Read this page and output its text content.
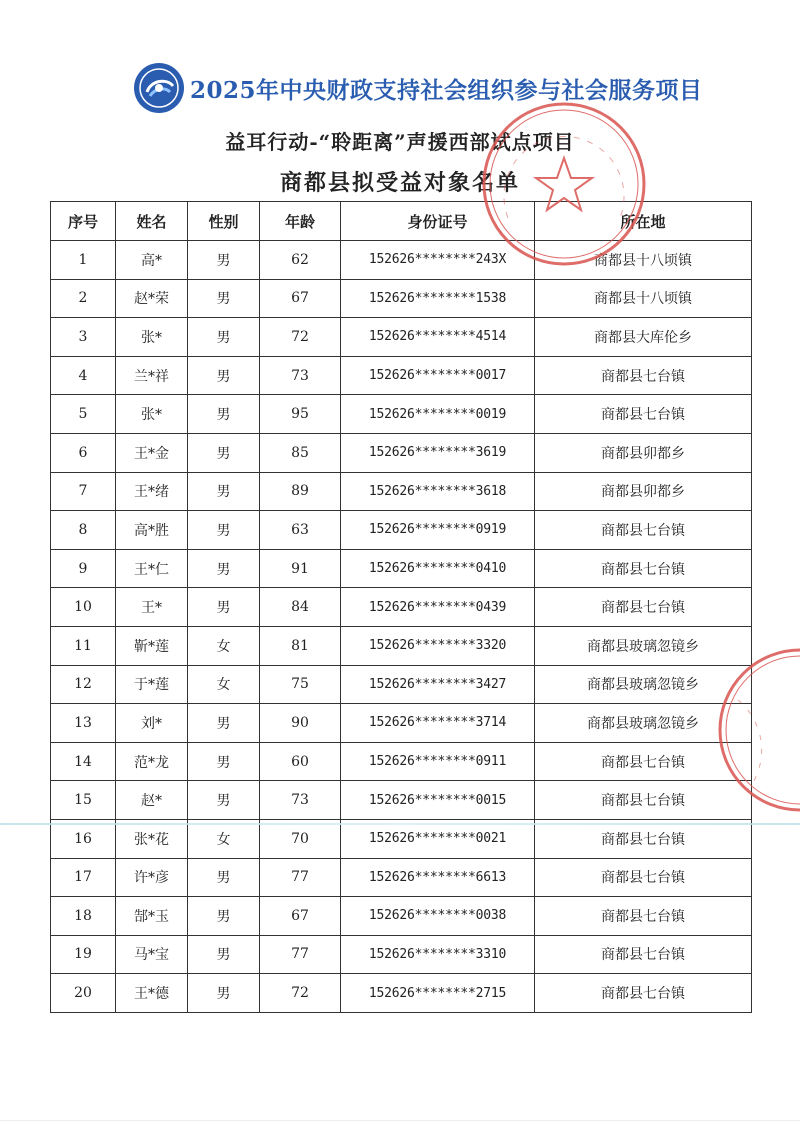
2025年中央财政支持社会组织参与社会服务项目
益耳行动-“聆距离”声援西部试点项目
商都县拟受益对象名单
序号	姓名	性别	年龄	身份证号	所在地
1	高*	男	62	152626********243X	商都县十八顷镇
2	赵*荣	男	67	152626********1538	商都县十八顷镇
3	张*	男	72	152626********4514	商都县大库伦乡
4	兰*祥	男	73	152626********0017	商都县七台镇
5	张*	男	95	152626********0019	商都县七台镇
6	王*金	男	85	152626********3619	商都县卯都乡
7	王*绪	男	89	152626********3618	商都县卯都乡
8	高*胜	男	63	152626********0919	商都县七台镇
9	王*仁	男	91	152626********0410	商都县七台镇
10	王*	男	84	152626********0439	商都县七台镇
11	靳*莲	女	81	152626********3320	商都县玻璃忽镜乡
12	于*莲	女	75	152626********3427	商都县玻璃忽镜乡
13	刘*	男	90	152626********3714	商都县玻璃忽镜乡
14	范*龙	男	60	152626********0911	商都县七台镇
15	赵*	男	73	152626********0015	商都县七台镇
16	张*花	女	70	152626********0021	商都县七台镇
17	许*彦	男	77	152626********6613	商都县七台镇
18	郜*玉	男	67	152626********0038	商都县七台镇
19	马*宝	男	77	152626********3310	商都县七台镇
20	王*德	男	72	152626********2715	商都县七台镇
